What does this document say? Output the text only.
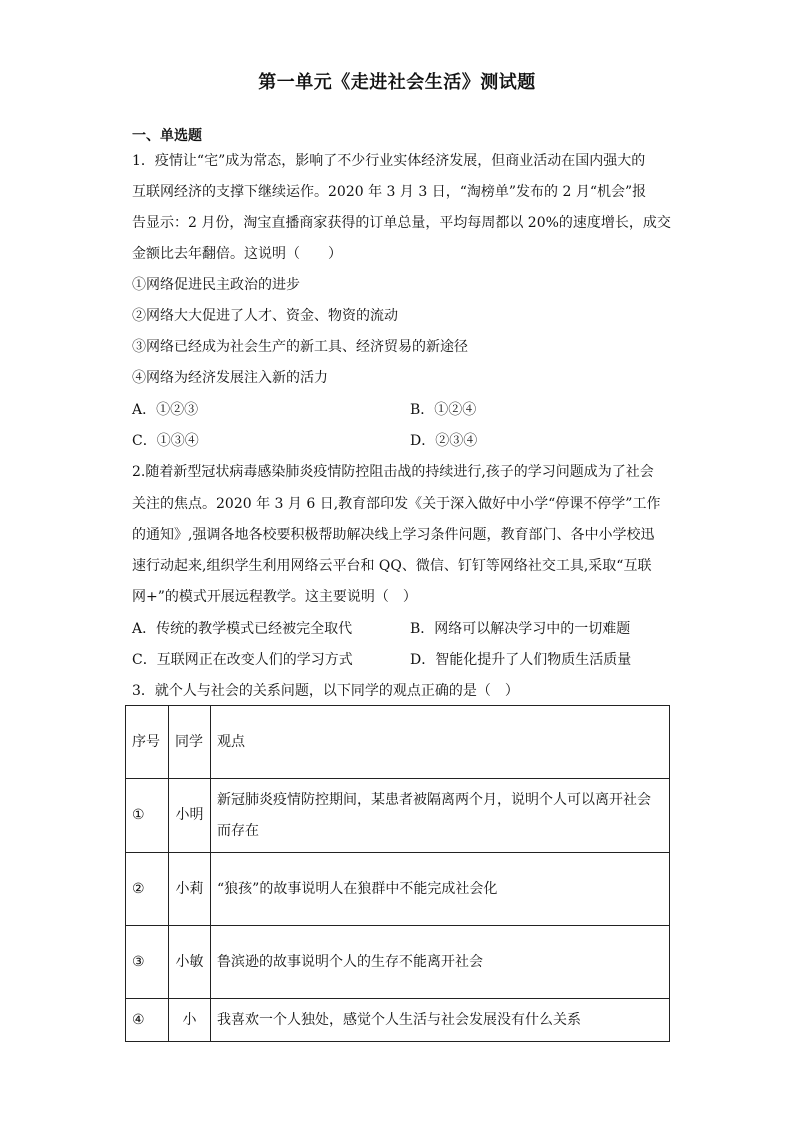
第一单元《走进社会生活》测试题
一、单选题
1．疫情让“宅”成为常态，影响了不少行业实体经济发展，但商业活动在国内强大的
互联网经济的支撑下继续运作。2020 年 3 月 3 日，“淘榜单”发布的 2 月“机会”报
告显示：2 月份，淘宝直播商家获得的订单总量，平均每周都以 20%的速度增长，成交
金额比去年翻倍。这说明（　　）
①网络促进民主政治的进步
②网络大大促进了人才、资金、物资的流动
③网络已经成为社会生产的新工具、经济贸易的新途径
④网络为经济发展注入新的活力
A．①②③	B．①②④
C．①③④	D．②③④
2.随着新型冠状病毒感染肺炎疫情防控阻击战的持续进行,孩子的学习问题成为了社会
关注的焦点。2020 年 3 月 6 日,教育部印发《关于深入做好中小学“停课不停学”工作
的通知》,强调各地各校要积极帮助解决线上学习条件问题，教育部门、各中小学校迅
速行动起来,组织学生利用网络云平台和 QQ、微信、钉钉等网络社交工具,采取“互联
网+”的模式开展远程教学。这主要说明（　）
A．传统的教学模式已经被完全取代	B．网络可以解决学习中的一切难题
C．互联网正在改变人们的学习方式	D．智能化提升了人们物质生活质量
3．就个人与社会的关系问题，以下同学的观点正确的是（　）
序号	同学	观点
①	小明	新冠肺炎疫情防控期间，某患者被隔离两个月，说明个人可以离开社会而存在
②	小莉	“狼孩”的故事说明人在狼群中不能完成社会化
③	小敏	鲁滨逊的故事说明个人的生存不能离开社会
④	小	我喜欢一个人独处，感觉个人生活与社会发展没有什么关系
